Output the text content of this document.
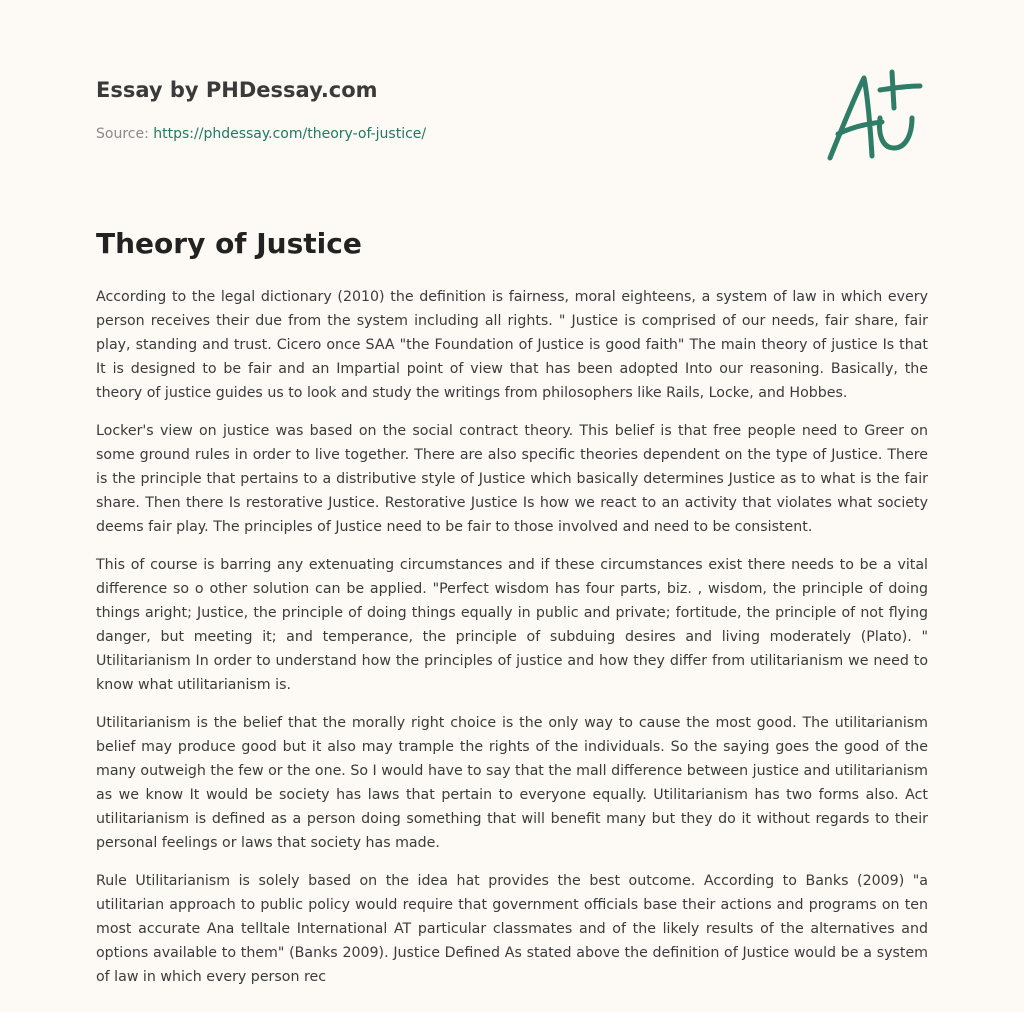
Essay by PHDessay.com
Source: https://phdessay.com/theory-of-justice/
Theory of Justice

According to the legal dictionary (2010) the definition is fairness, moral eighteens, a system of law in which every person receives their due from the system including all rights. " Justice is comprised of our needs, fair share, fair play, standing and trust. Cicero once SAA "the Foundation of Justice is good faith" The main theory of justice Is that It is designed to be fair and an Impartial point of view that has been adopted Into our reasoning. Basically, the theory of justice guides us to look and study the writings from philosophers like Rails, Locke, and Hobbes.

Locker's view on justice was based on the social contract theory. This belief is that free people need to Greer on some ground rules in order to live together. There are also specific theories dependent on the type of Justice. There is the principle that pertains to a distributive style of Justice which basically determines Justice as to what is the fair share. Then there Is restorative Justice. Restorative Justice Is how we react to an activity that violates what society deems fair play. The principles of Justice need to be fair to those involved and need to be consistent.

This of course is barring any extenuating circumstances and if these circumstances exist there needs to be a vital difference so o other solution can be applied. "Perfect wisdom has four parts, biz. , wisdom, the principle of doing things aright; Justice, the principle of doing things equally in public and private; fortitude, the principle of not flying danger, but meeting it; and temperance, the principle of subduing desires and living moderately (Plato). " Utilitarianism In order to understand how the principles of justice and how they differ from utilitarianism we need to know what utilitarianism is.

Utilitarianism is the belief that the morally right choice is the only way to cause the most good. The utilitarianism belief may produce good but it also may trample the rights of the individuals. So the saying goes the good of the many outweigh the few or the one. So I would have to say that the mall difference between justice and utilitarianism as we know It would be society has laws that pertain to everyone equally. Utilitarianism has two forms also. Act utilitarianism is defined as a person doing something that will benefit many but they do it without regards to their personal feelings or laws that society has made.

Rule Utilitarianism is solely based on the idea hat provides the best outcome. According to Banks (2009) "a utilitarian approach to public policy would require that government officials base their actions and programs on ten most accurate Ana telltale International AT particular classmates and of the likely results of the alternatives and options available to them" (Banks 2009). Justice Defined As stated above the definition of Justice would be a system of law in which every person rec
